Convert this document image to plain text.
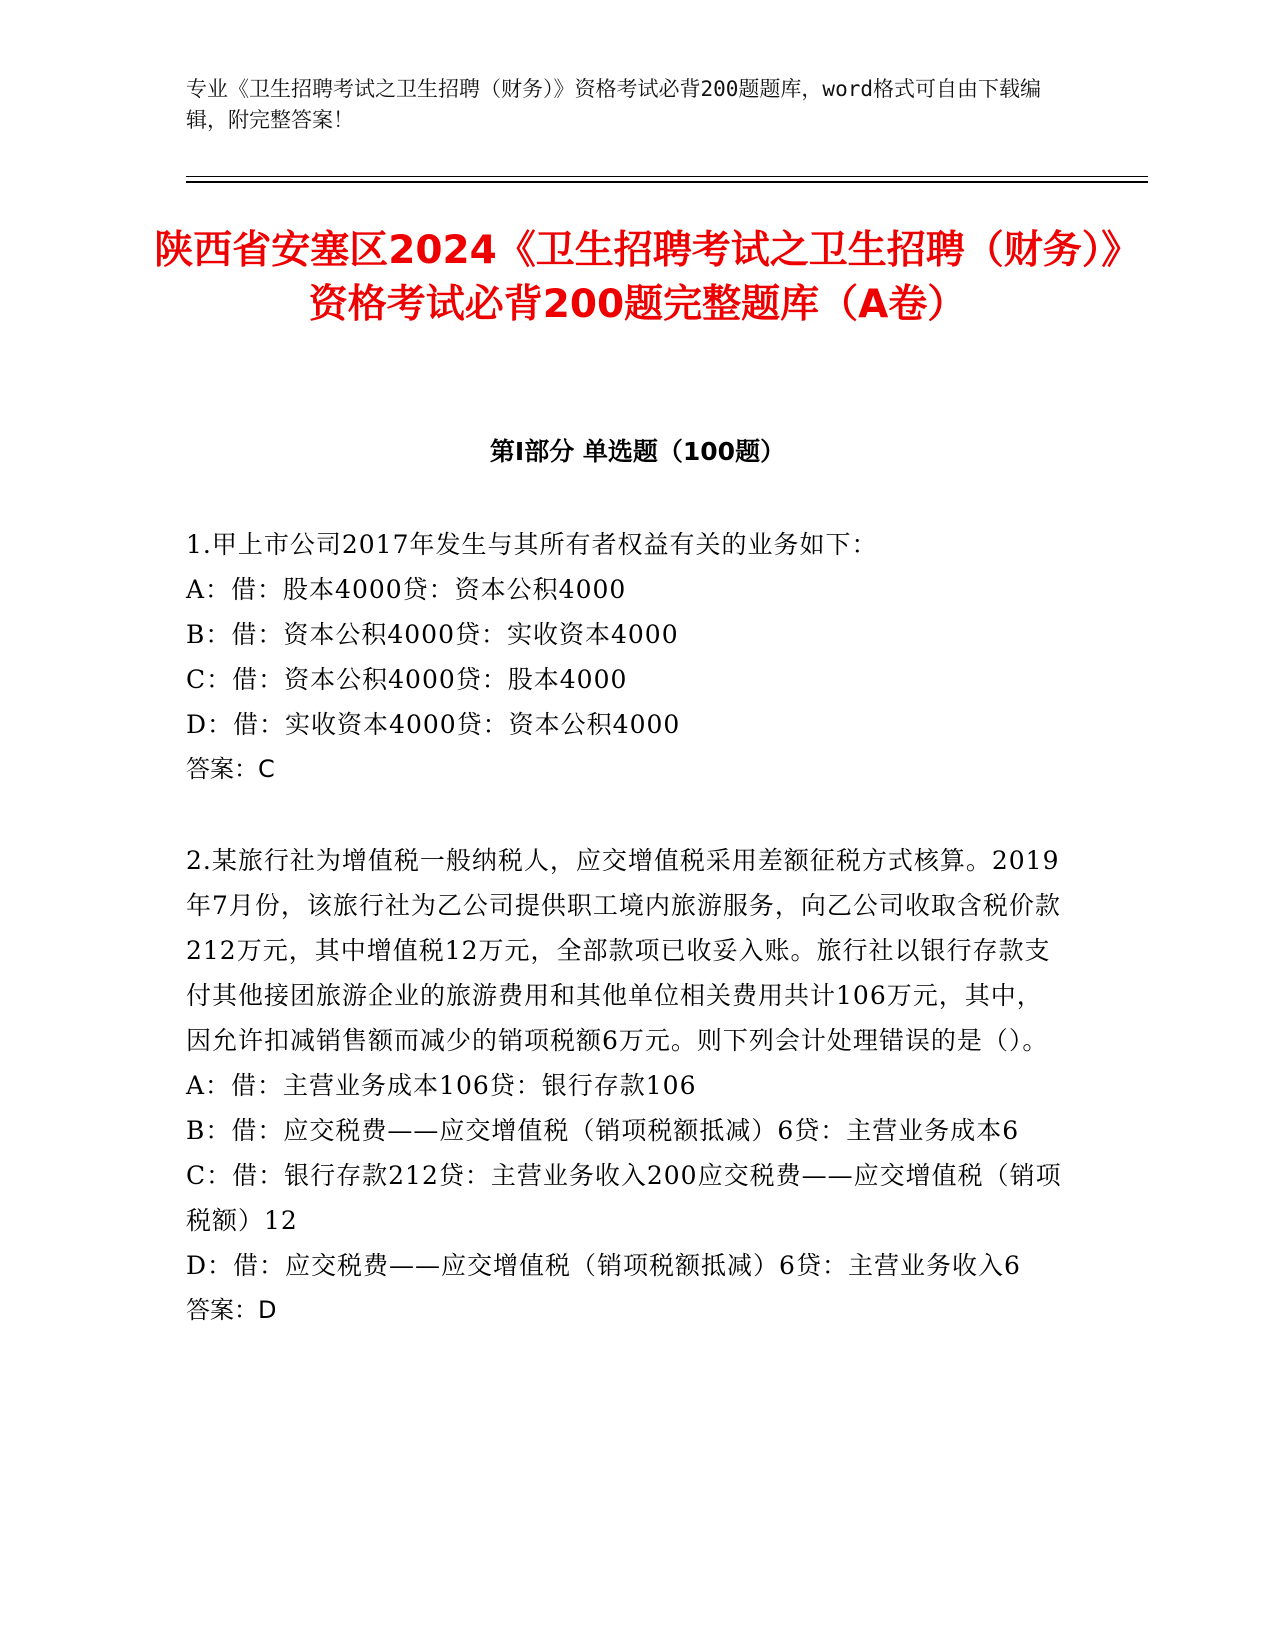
专业《卫生招聘考试之卫生招聘（财务）》资格考试必背200题题库，word格式可自由下载编辑，附完整答案！
陕西省安塞区2024《卫生招聘考试之卫生招聘（财务）》资格考试必背200题完整题库（A卷）
第I部分 单选题（100题）

1.甲上市公司2017年发生与其所有者权益有关的业务如下：

A：借：股本4000贷：资本公积4000

B：借：资本公积4000贷：实收资本4000

C：借：资本公积4000贷：股本4000

D：借：实收资本4000贷：资本公积4000

答案：C

2.某旅行社为增值税一般纳税人，应交增值税采用差额征税方式核算。2019年7月份，该旅行社为乙公司提供职工境内旅游服务，向乙公司收取含税价款212万元，其中增值税12万元，全部款项已收妥入账。旅行社以银行存款支付其他接团旅游企业的旅游费用和其他单位相关费用共计106万元，其中，因允许扣减销售额而减少的销项税额6万元。则下列会计处理错误的是（）。

A：借：主营业务成本106贷：银行存款106

B：借：应交税费——应交增值税（销项税额抵减）6贷：主营业务成本6

C：借：银行存款212贷：主营业务收入200应交税费——应交增值税（销项税额）12

D：借：应交税费——应交增值税（销项税额抵减）6贷：主营业务收入6

答案：D
